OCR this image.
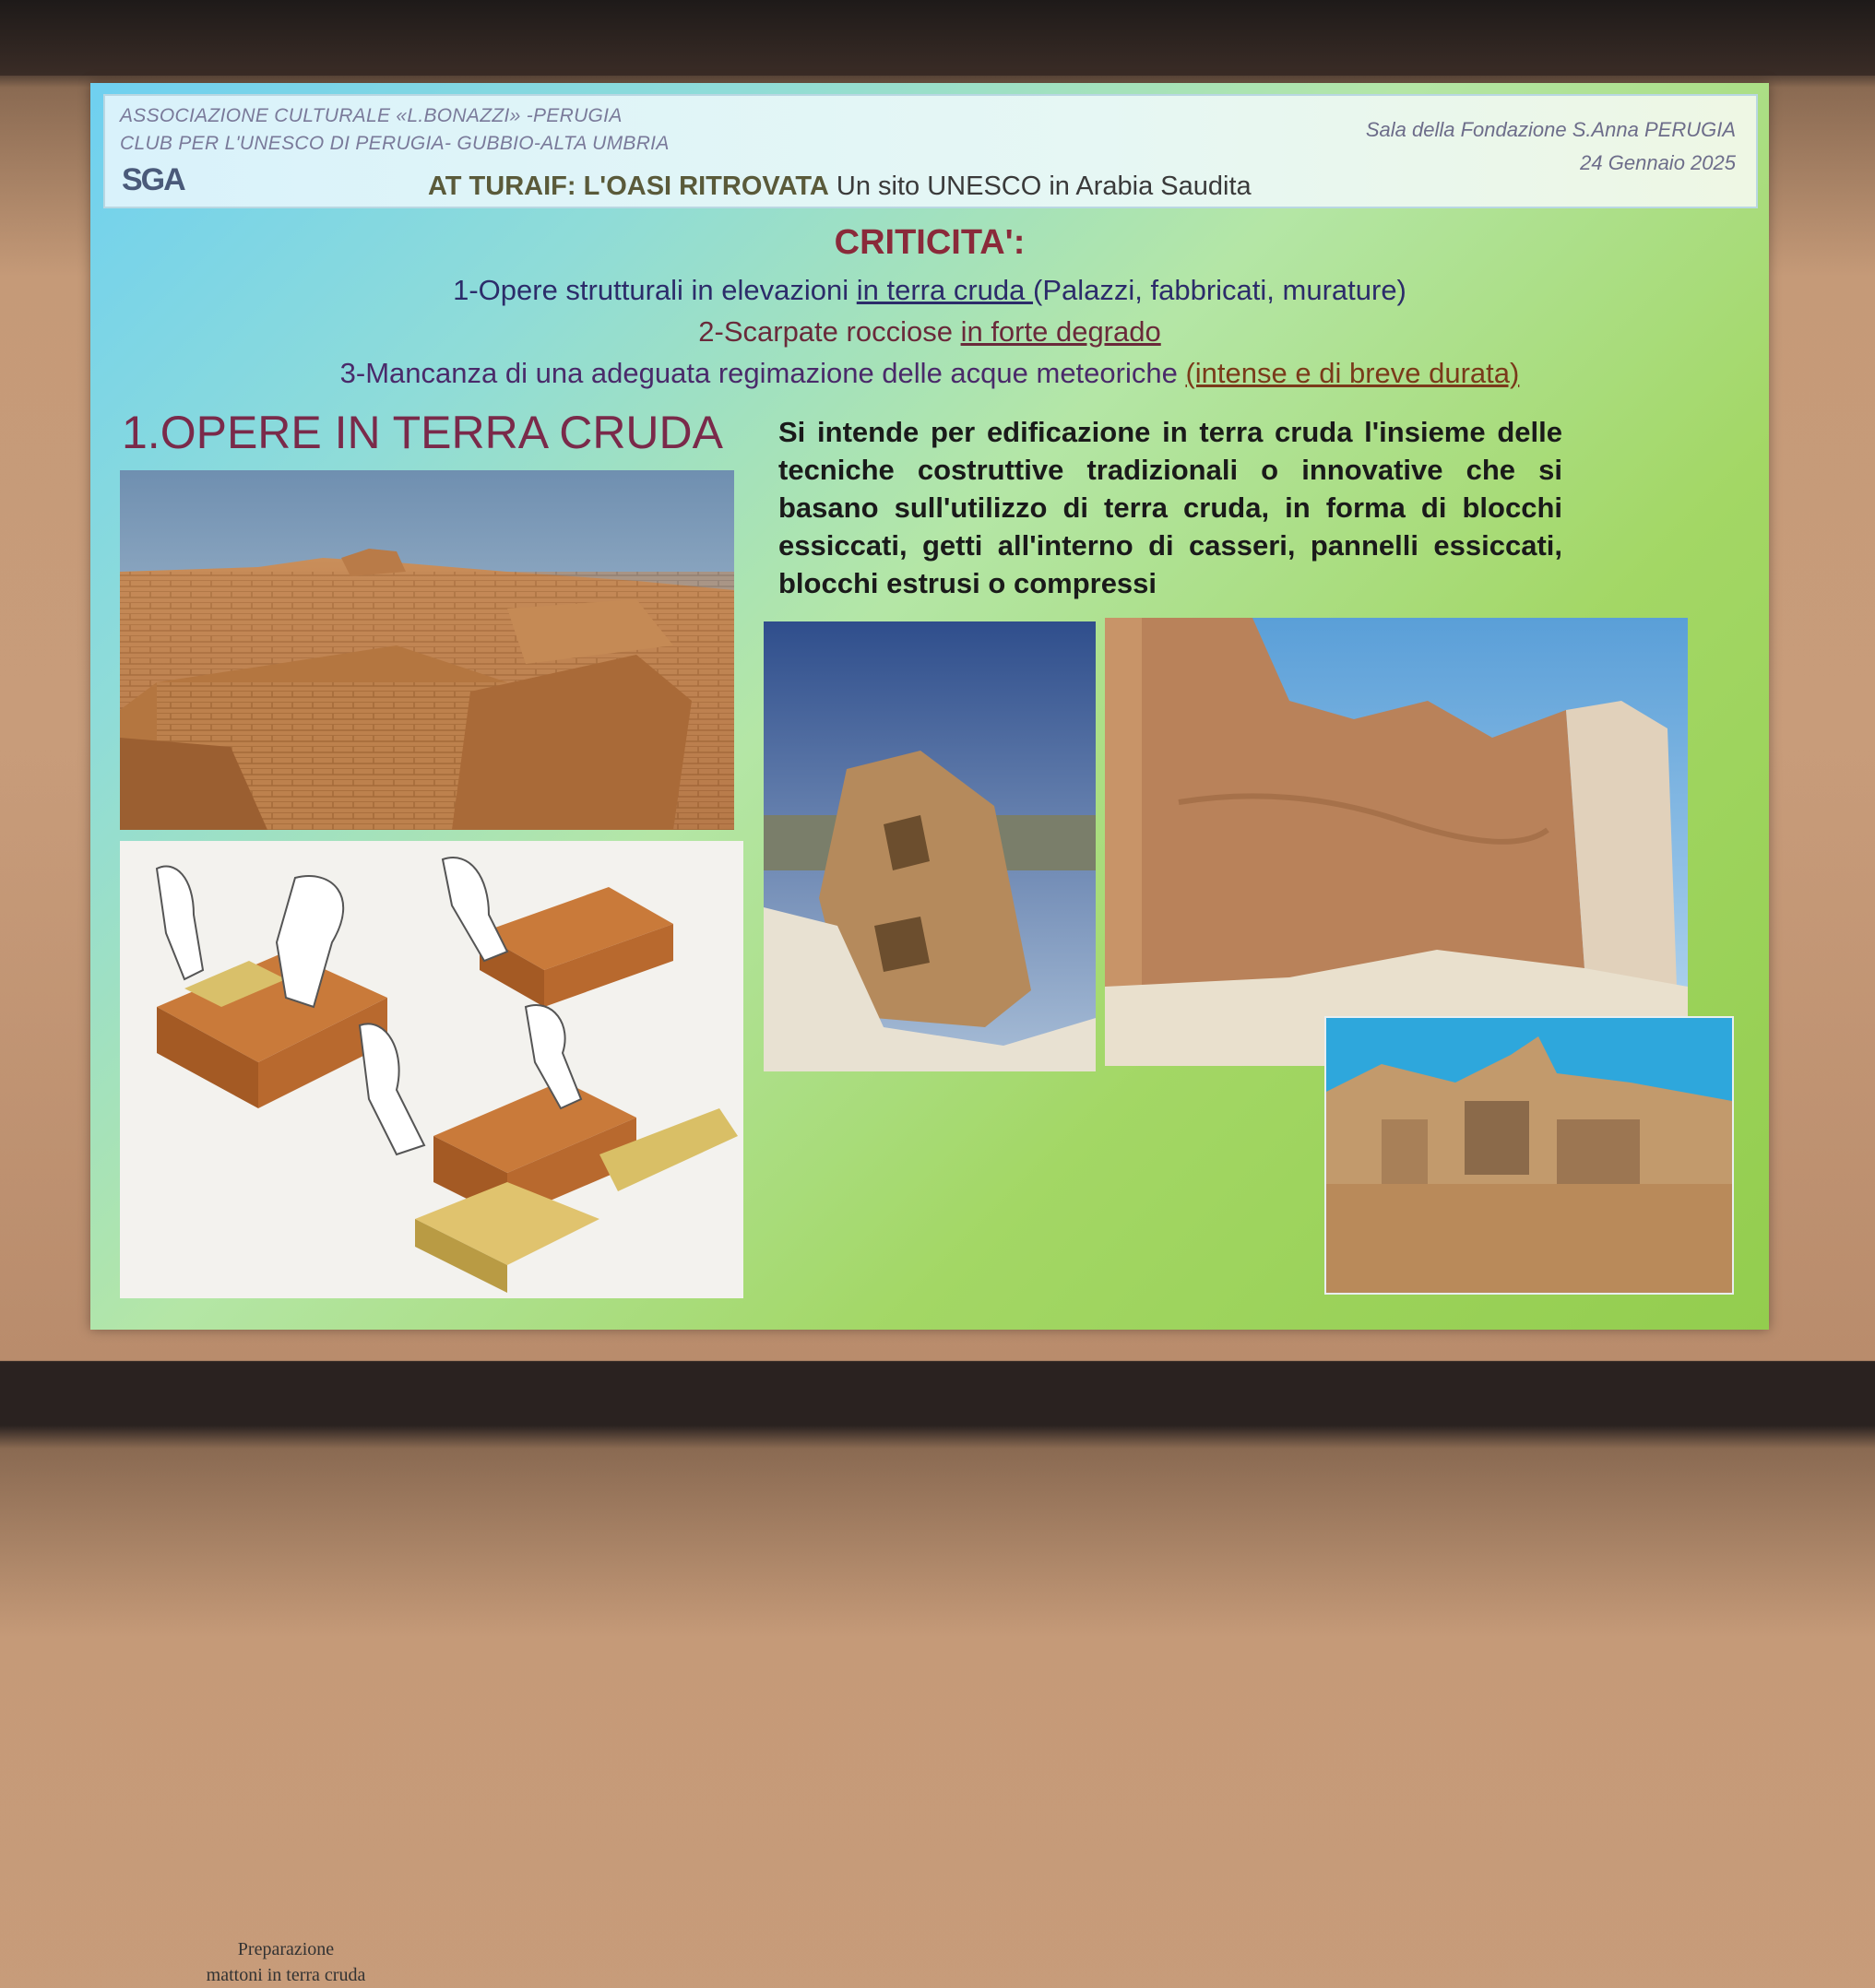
ASSOCIAZIONE CULTURALE «L.BONAZZI» -PERUGIA
CLUB PER L'UNESCO DI PERUGIA- GUBBIO-ALTA UMBRIA
SGA
Sala della Fondazione S.Anna PERUGIA
24 Gennaio 2025
AT TURAIF: L'OASI RITROVATA Un sito UNESCO in Arabia Saudita
CRITICITA':
1-Opere strutturali in elevazioni in terra cruda (Palazzi, fabbricati, murature)
2-Scarpate rocciose in forte degrado
3-Mancanza di una adeguata regimazione delle acque meteoriche (intense e di breve durata)
1.OPERE IN TERRA CRUDA Si intende per edificazione in terra cruda l'insieme delle tecniche costruttive tradizionali o innovative che si basano sull'utilizzo di terra cruda, in forma di blocchi essiccati, getti all'interno di casseri, pannelli essiccati, blocchi estrusi o compressi
Preparazione
mattoni in terra cruda
